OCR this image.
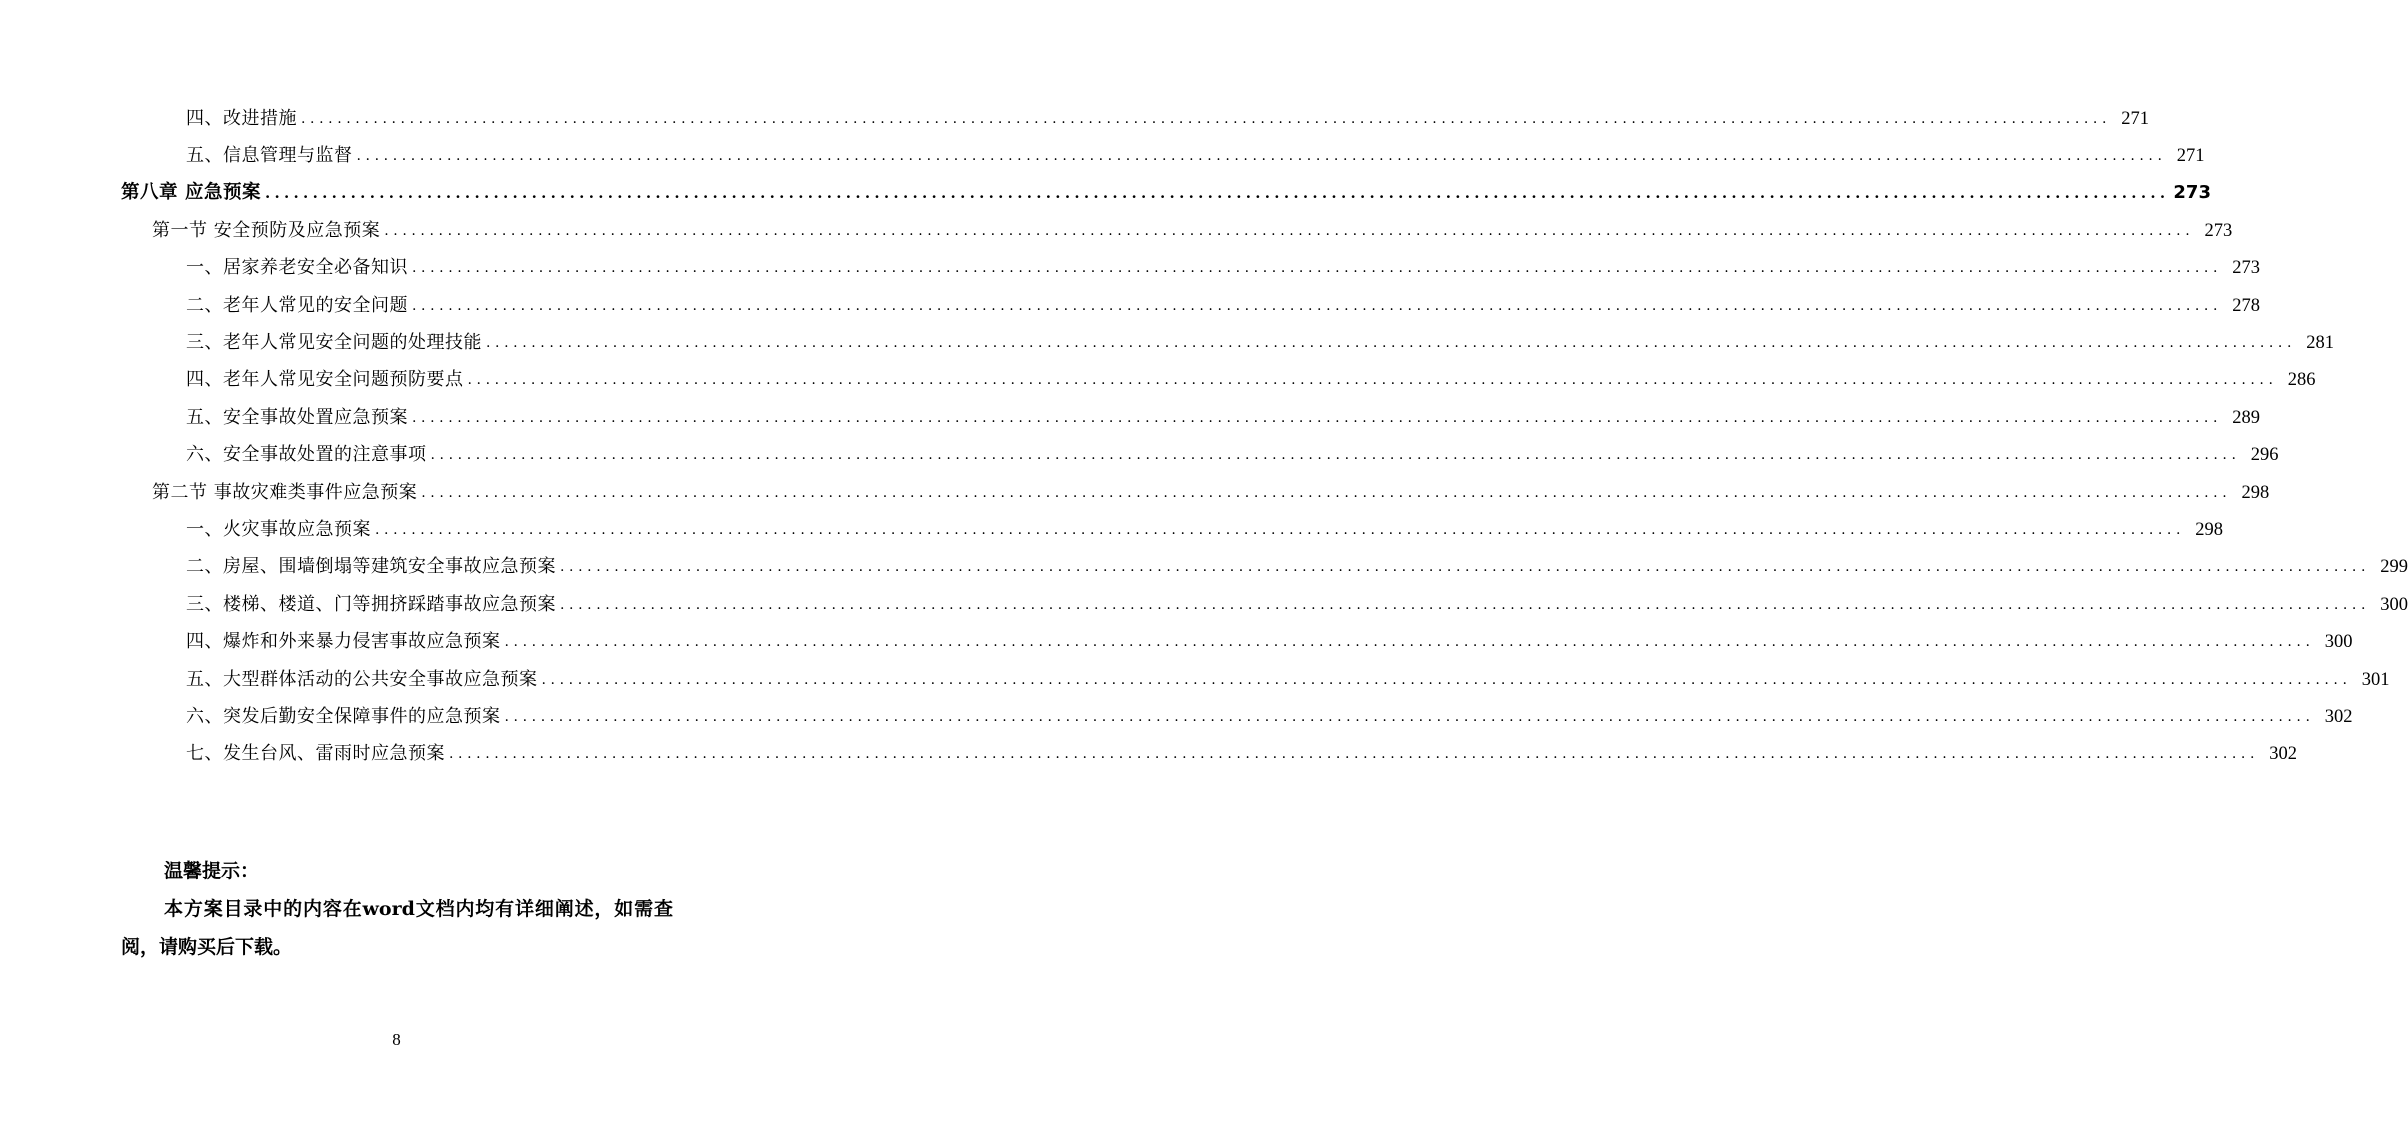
四、改进措施 ........................................................................................................................................................................................................ 271
五、信息管理与监督 ........................................................................................................................................................................................................ 271
第八章 应急预案 ........................................................................................................................................................................................................ 273
第一节 安全预防及应急预案 ........................................................................................................................................................................................................ 273
一、居家养老安全必备知识 ........................................................................................................................................................................................................ 273
二、老年人常见的安全问题 ........................................................................................................................................................................................................ 278
三、老年人常见安全问题的处理技能 ........................................................................................................................................................................................................ 281
四、老年人常见安全问题预防要点 ........................................................................................................................................................................................................ 286
五、安全事故处置应急预案 ........................................................................................................................................................................................................ 289
六、安全事故处置的注意事项 ........................................................................................................................................................................................................ 296
第二节 事故灾难类事件应急预案 ........................................................................................................................................................................................................ 298
一、火灾事故应急预案 ........................................................................................................................................................................................................ 298
二、房屋、围墙倒塌等建筑安全事故应急预案 ........................................................................................................................................................................................................ 299
三、楼梯、楼道、门等拥挤踩踏事故应急预案 ........................................................................................................................................................................................................ 300
四、爆炸和外来暴力侵害事故应急预案 ........................................................................................................................................................................................................ 300
五、大型群体活动的公共安全事故应急预案 ........................................................................................................................................................................................................ 301
六、突发后勤安全保障事件的应急预案 ........................................................................................................................................................................................................ 302
七、发生台风、雷雨时应急预案 ........................................................................................................................................................................................................ 302
温馨提示：
本方案目录中的内容在word文档内均有详细阐述，如需查阅，请购买后下载。
8
